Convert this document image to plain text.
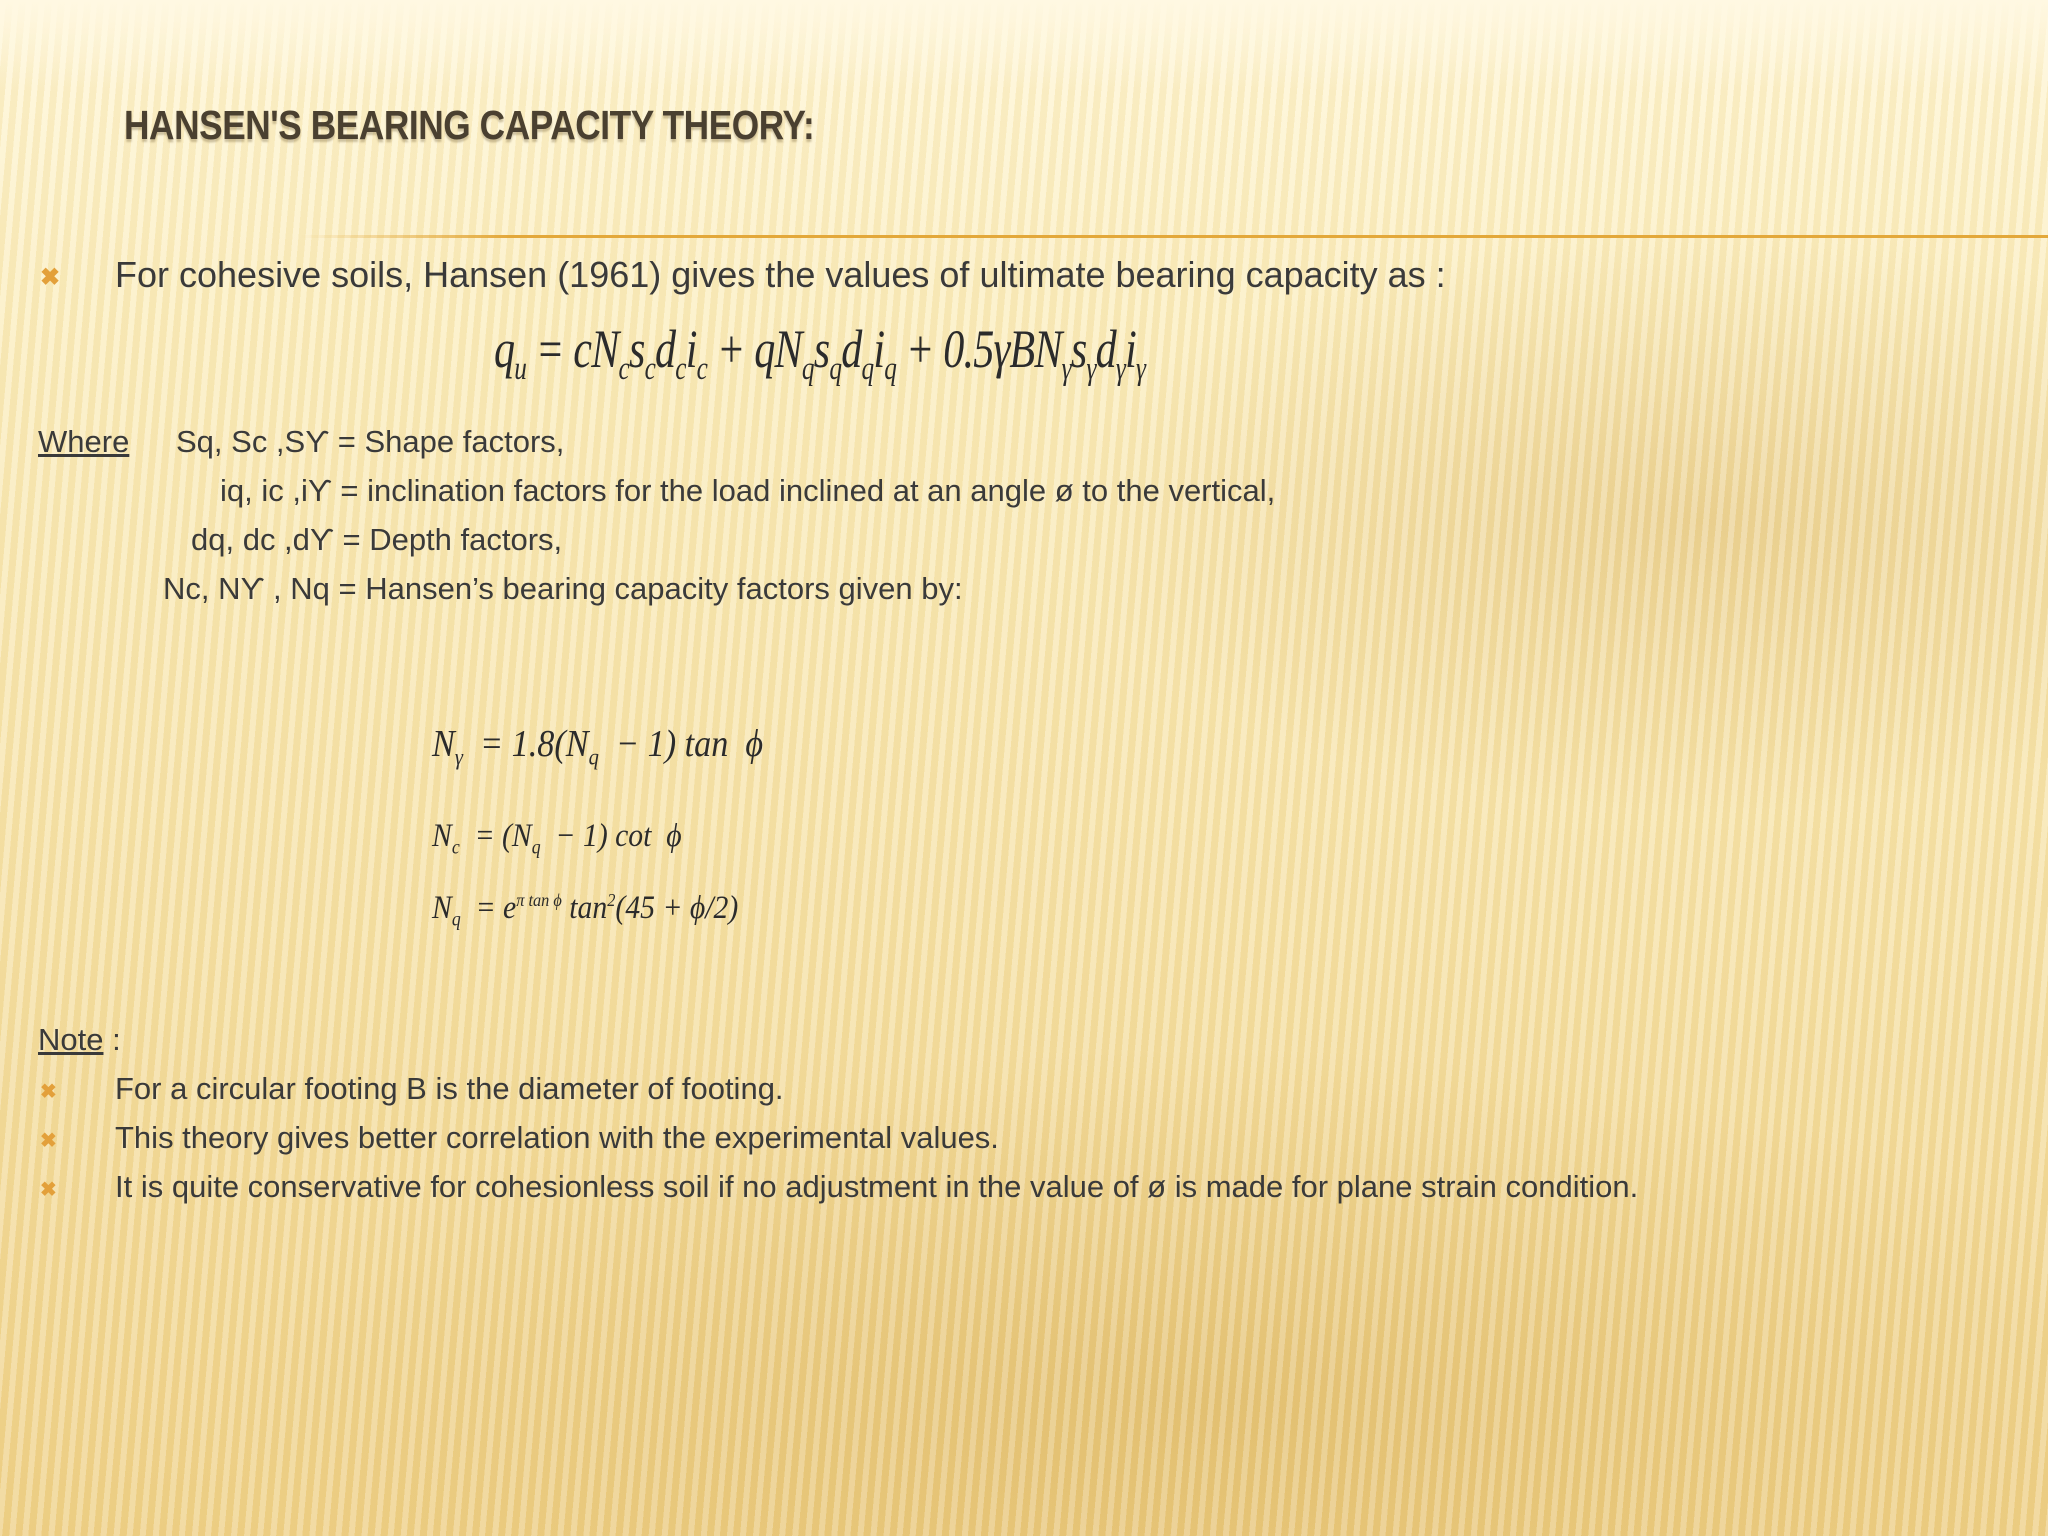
HANSEN'S BEARING CAPACITY THEORY:
✖ For cohesive soils, Hansen (1961) gives the values of ultimate bearing capacity as :
$q_u = cN_cs_cd_ci_c + qN_qs_qd_qi_q + 0.5\gamma BN_\gamma s_\gamma d_\gamma i_\gamma$
Where Sq, Sc ,Sϒ = Shape factors,
iq, ic ,iϒ = inclination factors for the load inclined at an angle ø to the vertical,
dq, dc ,dϒ = Depth factors,
Nc, Nϒ , Nq = Hansen’s bearing capacity factors given by:
$N_\gamma = 1.8(N_q - 1)$ tan  ϕ
$N_c = (N_q - 1)$ cot  ϕ
$N_q = e^{\pi tan \phi}$ $\tan^2(45 + \phi/2)$
Note :
✖ For a circular footing B is the diameter of footing.
✖ This theory gives better correlation with the experimental values.
✖ It is quite conservative for cohesionless soil if no adjustment in the value of ø is made for plane strain condition.
